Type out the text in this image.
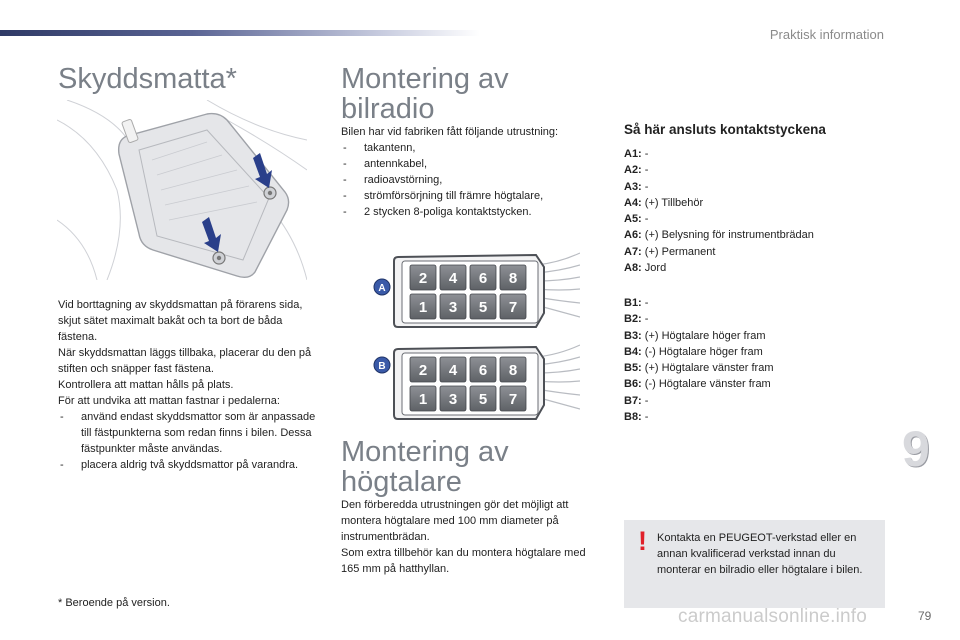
Praktisk information
Skyddsmatta*

Vid borttagning av skyddsmattan på förarens sida, skjut sätet maximalt bakåt och ta bort de båda fästena.

När skyddsmattan läggs tillbaka, placerar du den på stiften och snäpper fast fästena.

Kontrollera att mattan hålls på plats.

För att undvika att mattan fastnar i pedalerna:

- använd endast skyddsmattor som är anpassade till fästpunkterna som redan finns i bilen. Dessa fästpunkter måste användas.
- placera aldrig två skyddsmattor på varandra.
* Beroende på version.
Montering av
bilradio

Bilen har vid fabriken fått följande utrustning:

- takantenn,
- antennkabel,
- radioavstörning,
- strömförsörjning till främre högtalare,
- 2 stycken 8-poliga kontaktstycken.
2 4 6 8
1 3 5 7
2 4 6 8
1 3 5 7
A
B
Montering av
högtalare

Den förberedda utrustningen gör det möjligt att montera högtalare med 100 mm diameter på instrumentbrädan.

Som extra tillbehör kan du montera högtalare med 165 mm på hatthyllan.

Så här ansluts kontaktstyckena
A1: -
A2: -
A3: -
A4: (+) Tillbehör
A5: -
A6: (+) Belysning för instrumentbrädan
A7: (+) Permanent
A8: Jord
B1: -
B2: -
B3: (+) Högtalare höger fram
B4: (-) Högtalare höger fram
B5: (+) Högtalare vänster fram
B6: (-) Högtalare vänster fram
B7: -
B8: -
9
! Kontakta en PEUGEOT-verkstad eller en annan kvalificerad verkstad innan du monterar en bilradio eller högtalare i bilen.
carmanualsonline.info	79
